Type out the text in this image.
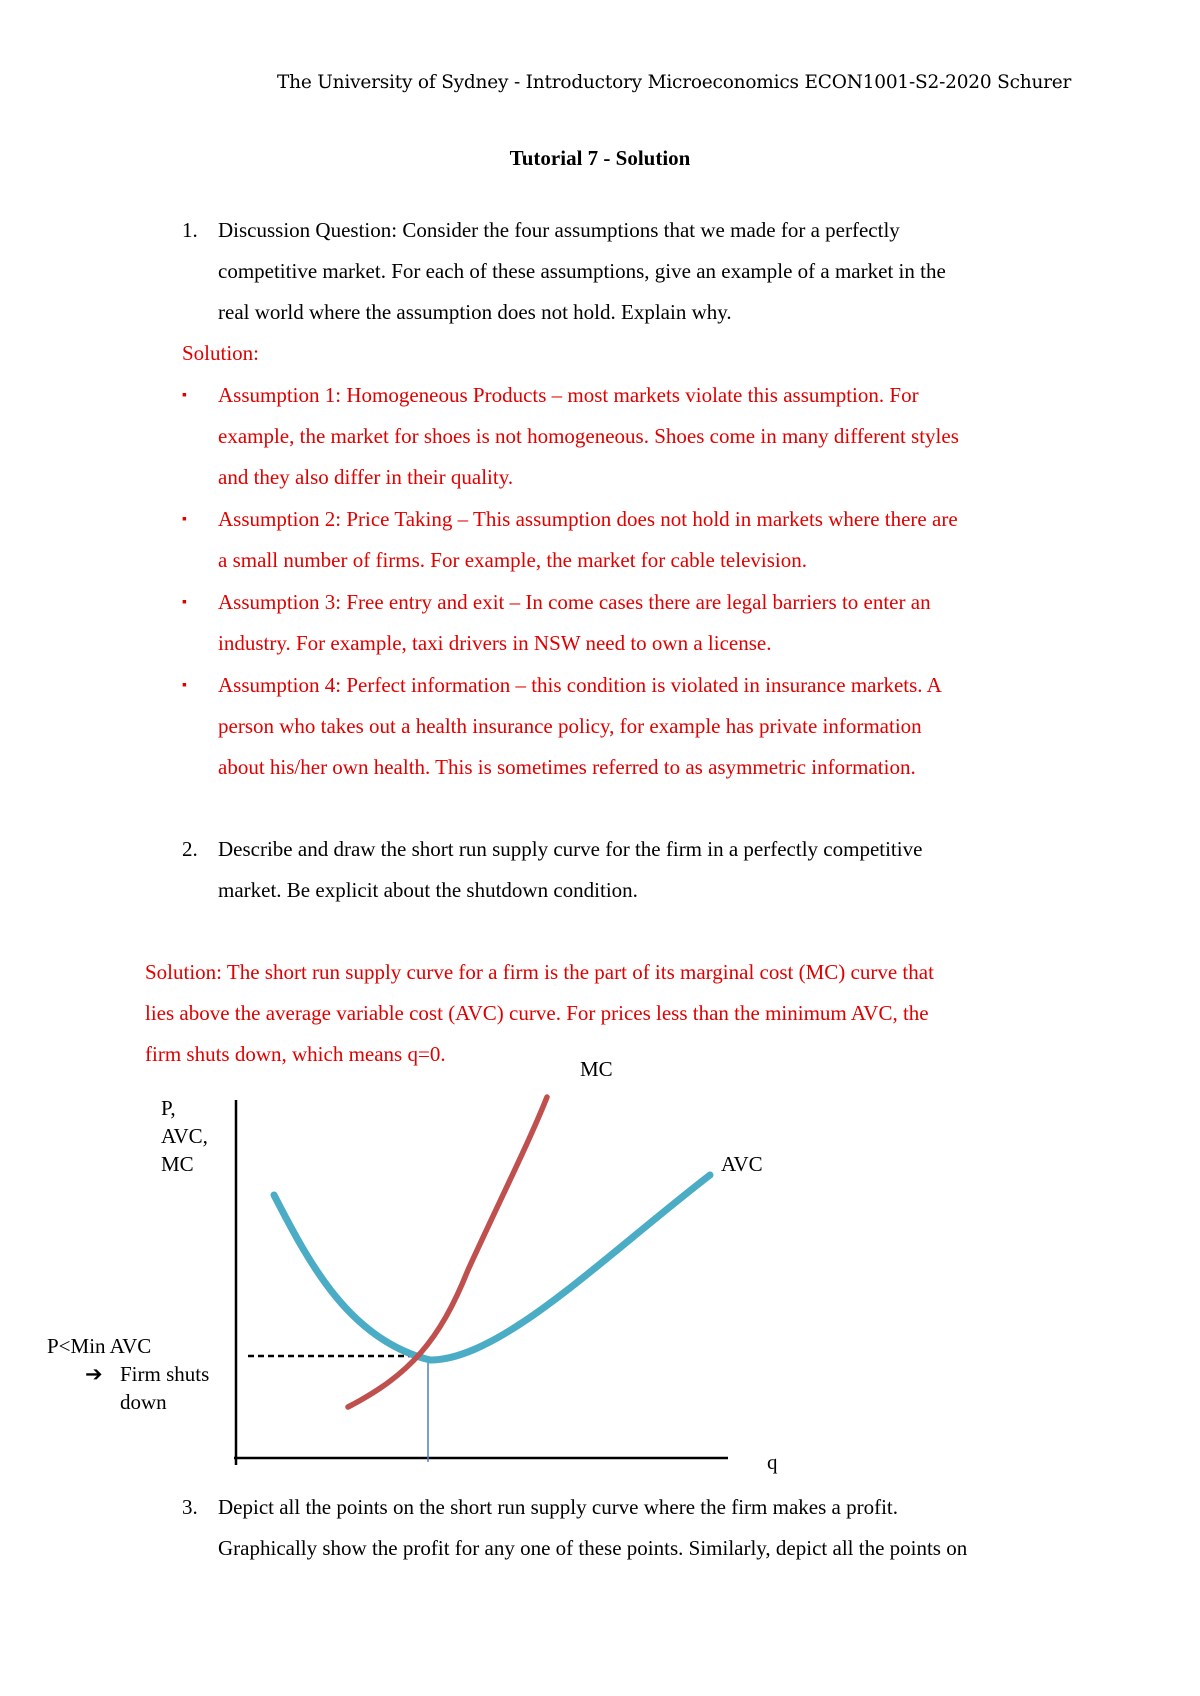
The University of Sydney - Introductory Microeconomics ECON1001-S2-2020 Schurer
Tutorial 7 - Solution
1. Discussion Question: Consider the four assumptions that we made for a perfectly
competitive market. For each of these assumptions, give an example of a market in the
real world where the assumption does not hold. Explain why.
Solution:
▪ Assumption 1: Homogeneous Products – most markets violate this assumption. For
example, the market for shoes is not homogeneous. Shoes come in many different styles
and they also differ in their quality.
▪ Assumption 2: Price Taking – This assumption does not hold in markets where there are
a small number of firms. For example, the market for cable television.
▪ Assumption 3: Free entry and exit – In come cases there are legal barriers to enter an
industry. For example, taxi drivers in NSW need to own a license.
▪ Assumption 4: Perfect information – this condition is violated in insurance markets. A
person who takes out a health insurance policy, for example has private information
about his/her own health. This is sometimes referred to as asymmetric information.
2. Describe and draw the short run supply curve for the firm in a perfectly competitive
market. Be explicit about the shutdown condition.
Solution: The short run supply curve for a firm is the part of its marginal cost (MC) curve that
lies above the average variable cost (AVC) curve. For prices less than the minimum AVC, the
firm shuts down, which means q=0.
MC
AVC
P,
AVC,
MC
P<Min AVC
➔ Firm shuts
down
q
3. Depict all the points on the short run supply curve where the firm makes a profit.
Graphically show the profit for any one of these points. Similarly, depict all the points on
